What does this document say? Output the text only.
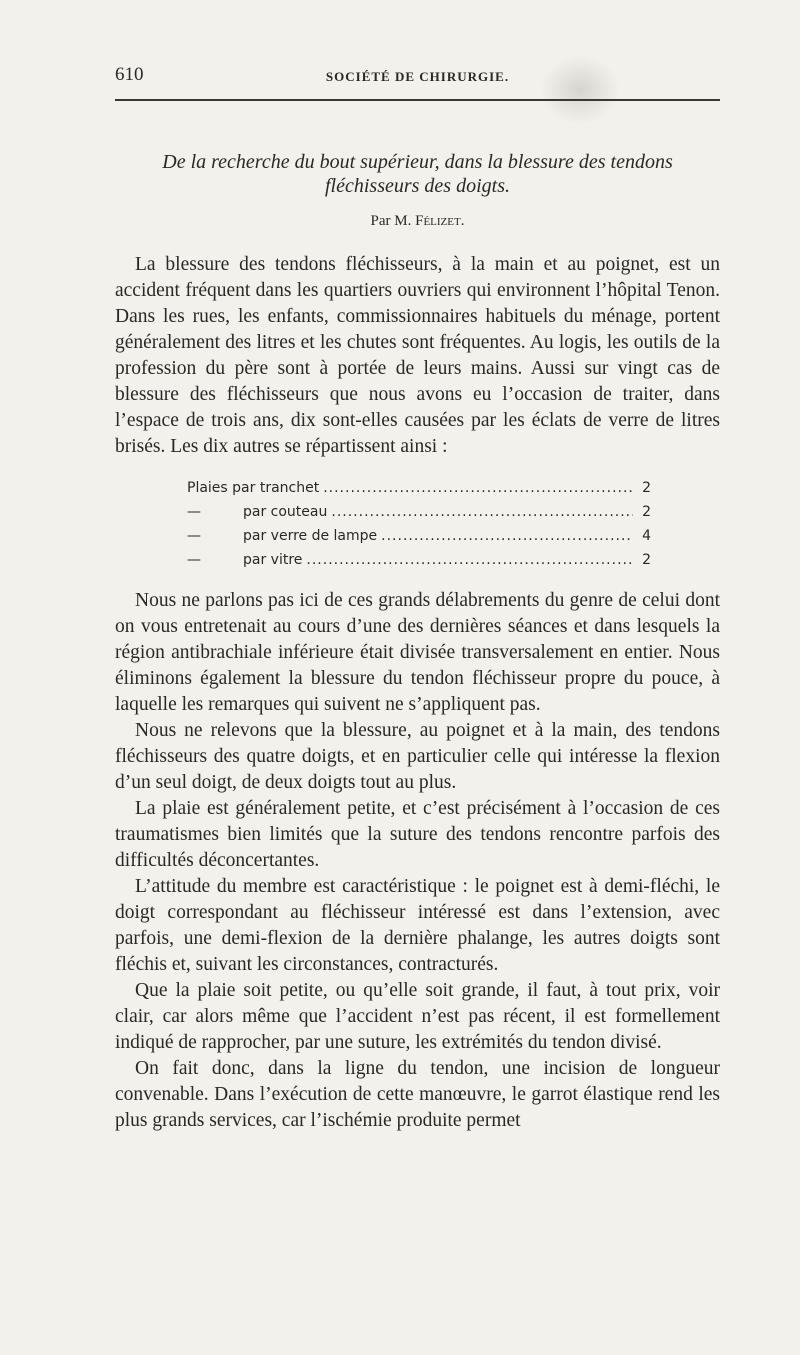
610	SOCIÉTÉ DE CHIRURGIE.
De la recherche du bout supérieur, dans la blessure des tendons
fléchisseurs des doigts.
Par M. Félizet.

La blessure des tendons fléchisseurs, à la main et au poignet, est un accident fréquent dans les quartiers ouvriers qui environnent l’hôpital Tenon. Dans les rues, les enfants, commissionnaires habituels du ménage, portent généralement des litres et les chutes sont fréquentes. Au logis, les outils de la profession du père sont à portée de leurs mains. Aussi sur vingt cas de blessure des fléchisseurs que nous avons eu l’occasion de traiter, dans l’espace de trois ans, dix sont-elles causées par les éclats de verre de litres brisés. Les dix autres se répartissent ainsi :

Plaies par tranchet .....	2
—	par couteau .....	2
—	par verre de lampe .....	4
—	par vitre .....	2

Nous ne parlons pas ici de ces grands délabrements du genre de celui dont on vous entretenait au cours d’une des dernières séances et dans lesquels la région antibrachiale inférieure était divisée transversalement en entier. Nous éliminons également la blessure du tendon fléchisseur propre du pouce, à laquelle les remarques qui suivent ne s’appliquent pas.

Nous ne relevons que la blessure, au poignet et à la main, des tendons fléchisseurs des quatre doigts, et en particulier celle qui intéresse la flexion d’un seul doigt, de deux doigts tout au plus.

La plaie est généralement petite, et c’est précisément à l’occasion de ces traumatismes bien limités que la suture des tendons rencontre parfois des difficultés déconcertantes.

L’attitude du membre est caractéristique : le poignet est à demi-fléchi, le doigt correspondant au fléchisseur intéressé est dans l’extension, avec parfois, une demi-flexion de la dernière phalange, les autres doigts sont fléchis et, suivant les circonstances, contracturés.

Que la plaie soit petite, ou qu’elle soit grande, il faut, à tout prix, voir clair, car alors même que l’accident n’est pas récent, il est formellement indiqué de rapprocher, par une suture, les extrémités du tendon divisé.

On fait donc, dans la ligne du tendon, une incision de longueur convenable. Dans l’exécution de cette manœuvre, le garrot élastique rend les plus grands services, car l’ischémie produite permet
